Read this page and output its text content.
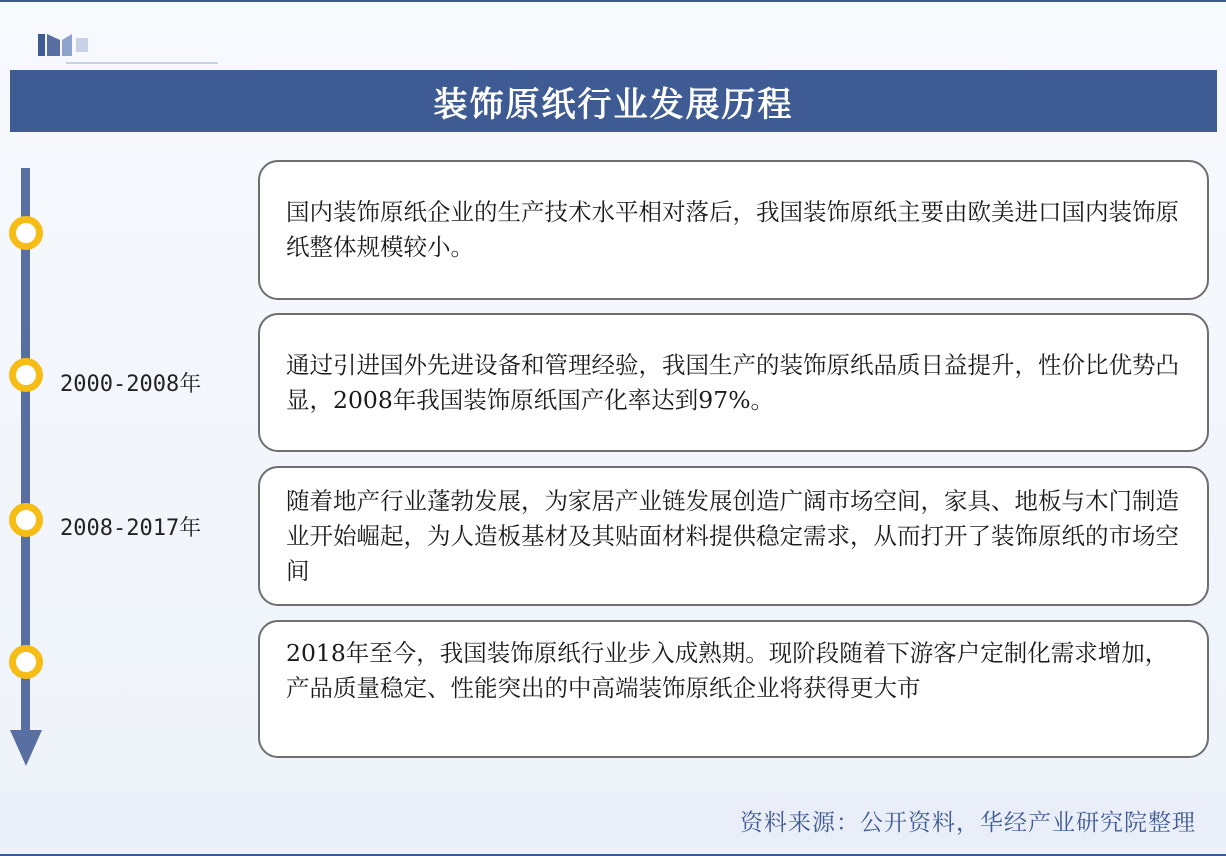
装饰原纸行业发展历程
2000-2008年
2008-2017年
国内装饰原纸企业的生产技术水平相对落后，我国装饰原纸主要由欧美进口国内装饰原纸整体规模较小。
通过引进国外先进设备和管理经验，我国生产的装饰原纸品质日益提升，性价比优势凸显，2008年我国装饰原纸国产化率达到97%。
随着地产行业蓬勃发展，为家居产业链发展创造广阔市场空间，家具、地板与木门制造业开始崛起，为人造板基材及其贴面材料提供稳定需求，从而打开了装饰原纸的市场空间
2018年至今，我国装饰原纸行业步入成熟期。现阶段随着下游客户定制化需求增加，产品质量稳定、性能突出的中高端装饰原纸企业将获得更大市
资料来源：公开资料，华经产业研究院整理
